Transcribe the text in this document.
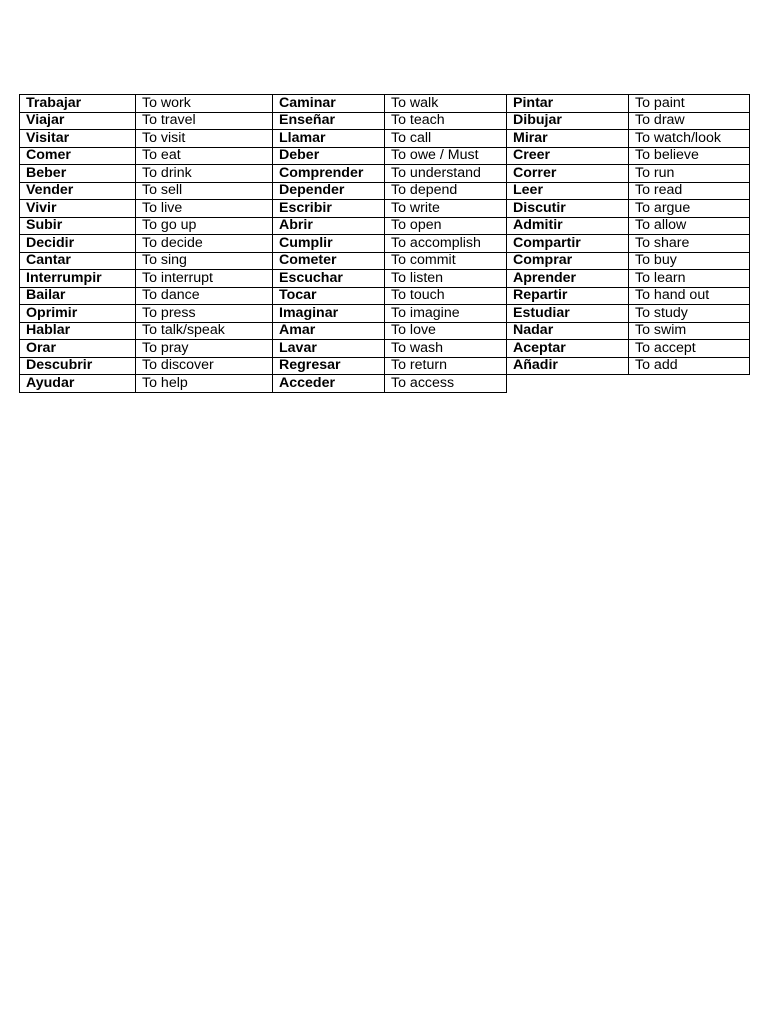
Trabajar	To work	Caminar	To walk	Pintar	To paint
Viajar	To travel	Enseñar	To teach	Dibujar	To draw
Visitar	To visit	Llamar	To call	Mirar	To watch/look
Comer	To eat	Deber	To owe / Must	Creer	To believe
Beber	To drink	Comprender	To understand	Correr	To run
Vender	To sell	Depender	To depend	Leer	To read
Vivir	To live	Escribir	To write	Discutir	To argue
Subir	To go up	Abrir	To open	Admitir	To allow
Decidir	To decide	Cumplir	To accomplish	Compartir	To share
Cantar	To sing	Cometer	To commit	Comprar	To buy
Interrumpir	To interrupt	Escuchar	To listen	Aprender	To learn
Bailar	To dance	Tocar	To touch	Repartir	To hand out
Oprimir	To press	Imaginar	To imagine	Estudiar	To study
Hablar	To talk/speak	Amar	To love	Nadar	To swim
Orar	To pray	Lavar	To wash	Aceptar	To accept
Descubrir	To discover	Regresar	To return	Añadir	To add
Ayudar	To help	Acceder	To access		
